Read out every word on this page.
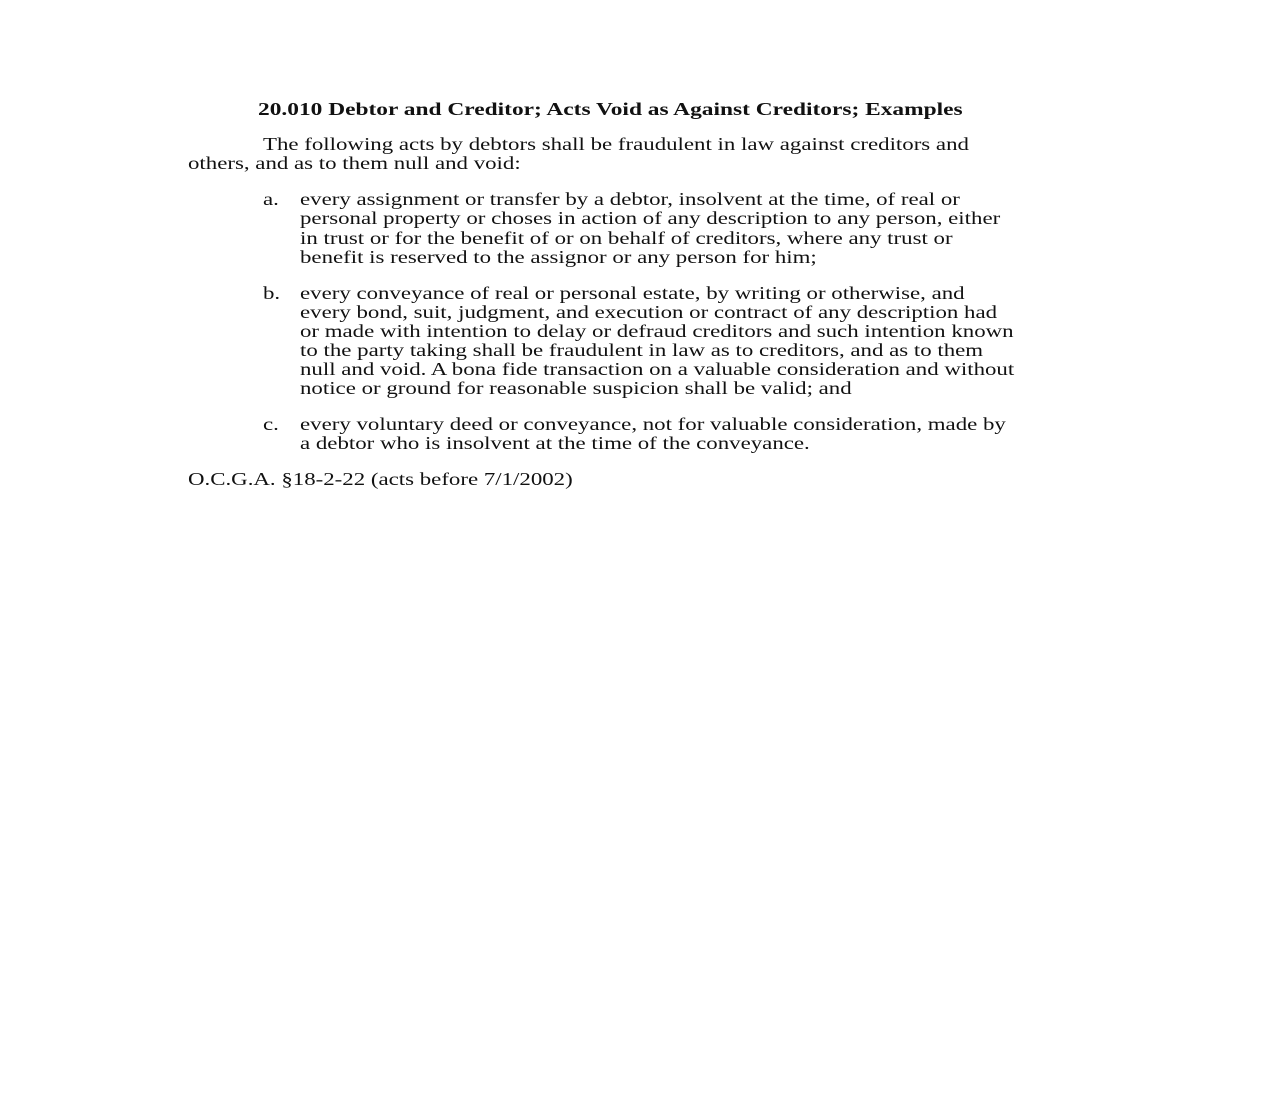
20.010 Debtor and Creditor; Acts Void as Against Creditors; Examples
The following acts by debtors shall be fraudulent in law against creditors and
others, and as to them null and void:
a. every assignment or transfer by a debtor, insolvent at the time, of real or
personal property or choses in action of any description to any person, either
in trust or for the benefit of or on behalf of creditors, where any trust or
benefit is reserved to the assignor or any person for him;
b. every conveyance of real or personal estate, by writing or otherwise, and
every bond, suit, judgment, and execution or contract of any description had
or made with intention to delay or defraud creditors and such intention known
to the party taking shall be fraudulent in law as to creditors, and as to them
null and void. A bona fide transaction on a valuable consideration and without
notice or ground for reasonable suspicion shall be valid; and
c. every voluntary deed or conveyance, not for valuable consideration, made by
a debtor who is insolvent at the time of the conveyance.
O.C.G.A. §18-2-22 (acts before 7/1/2002)
